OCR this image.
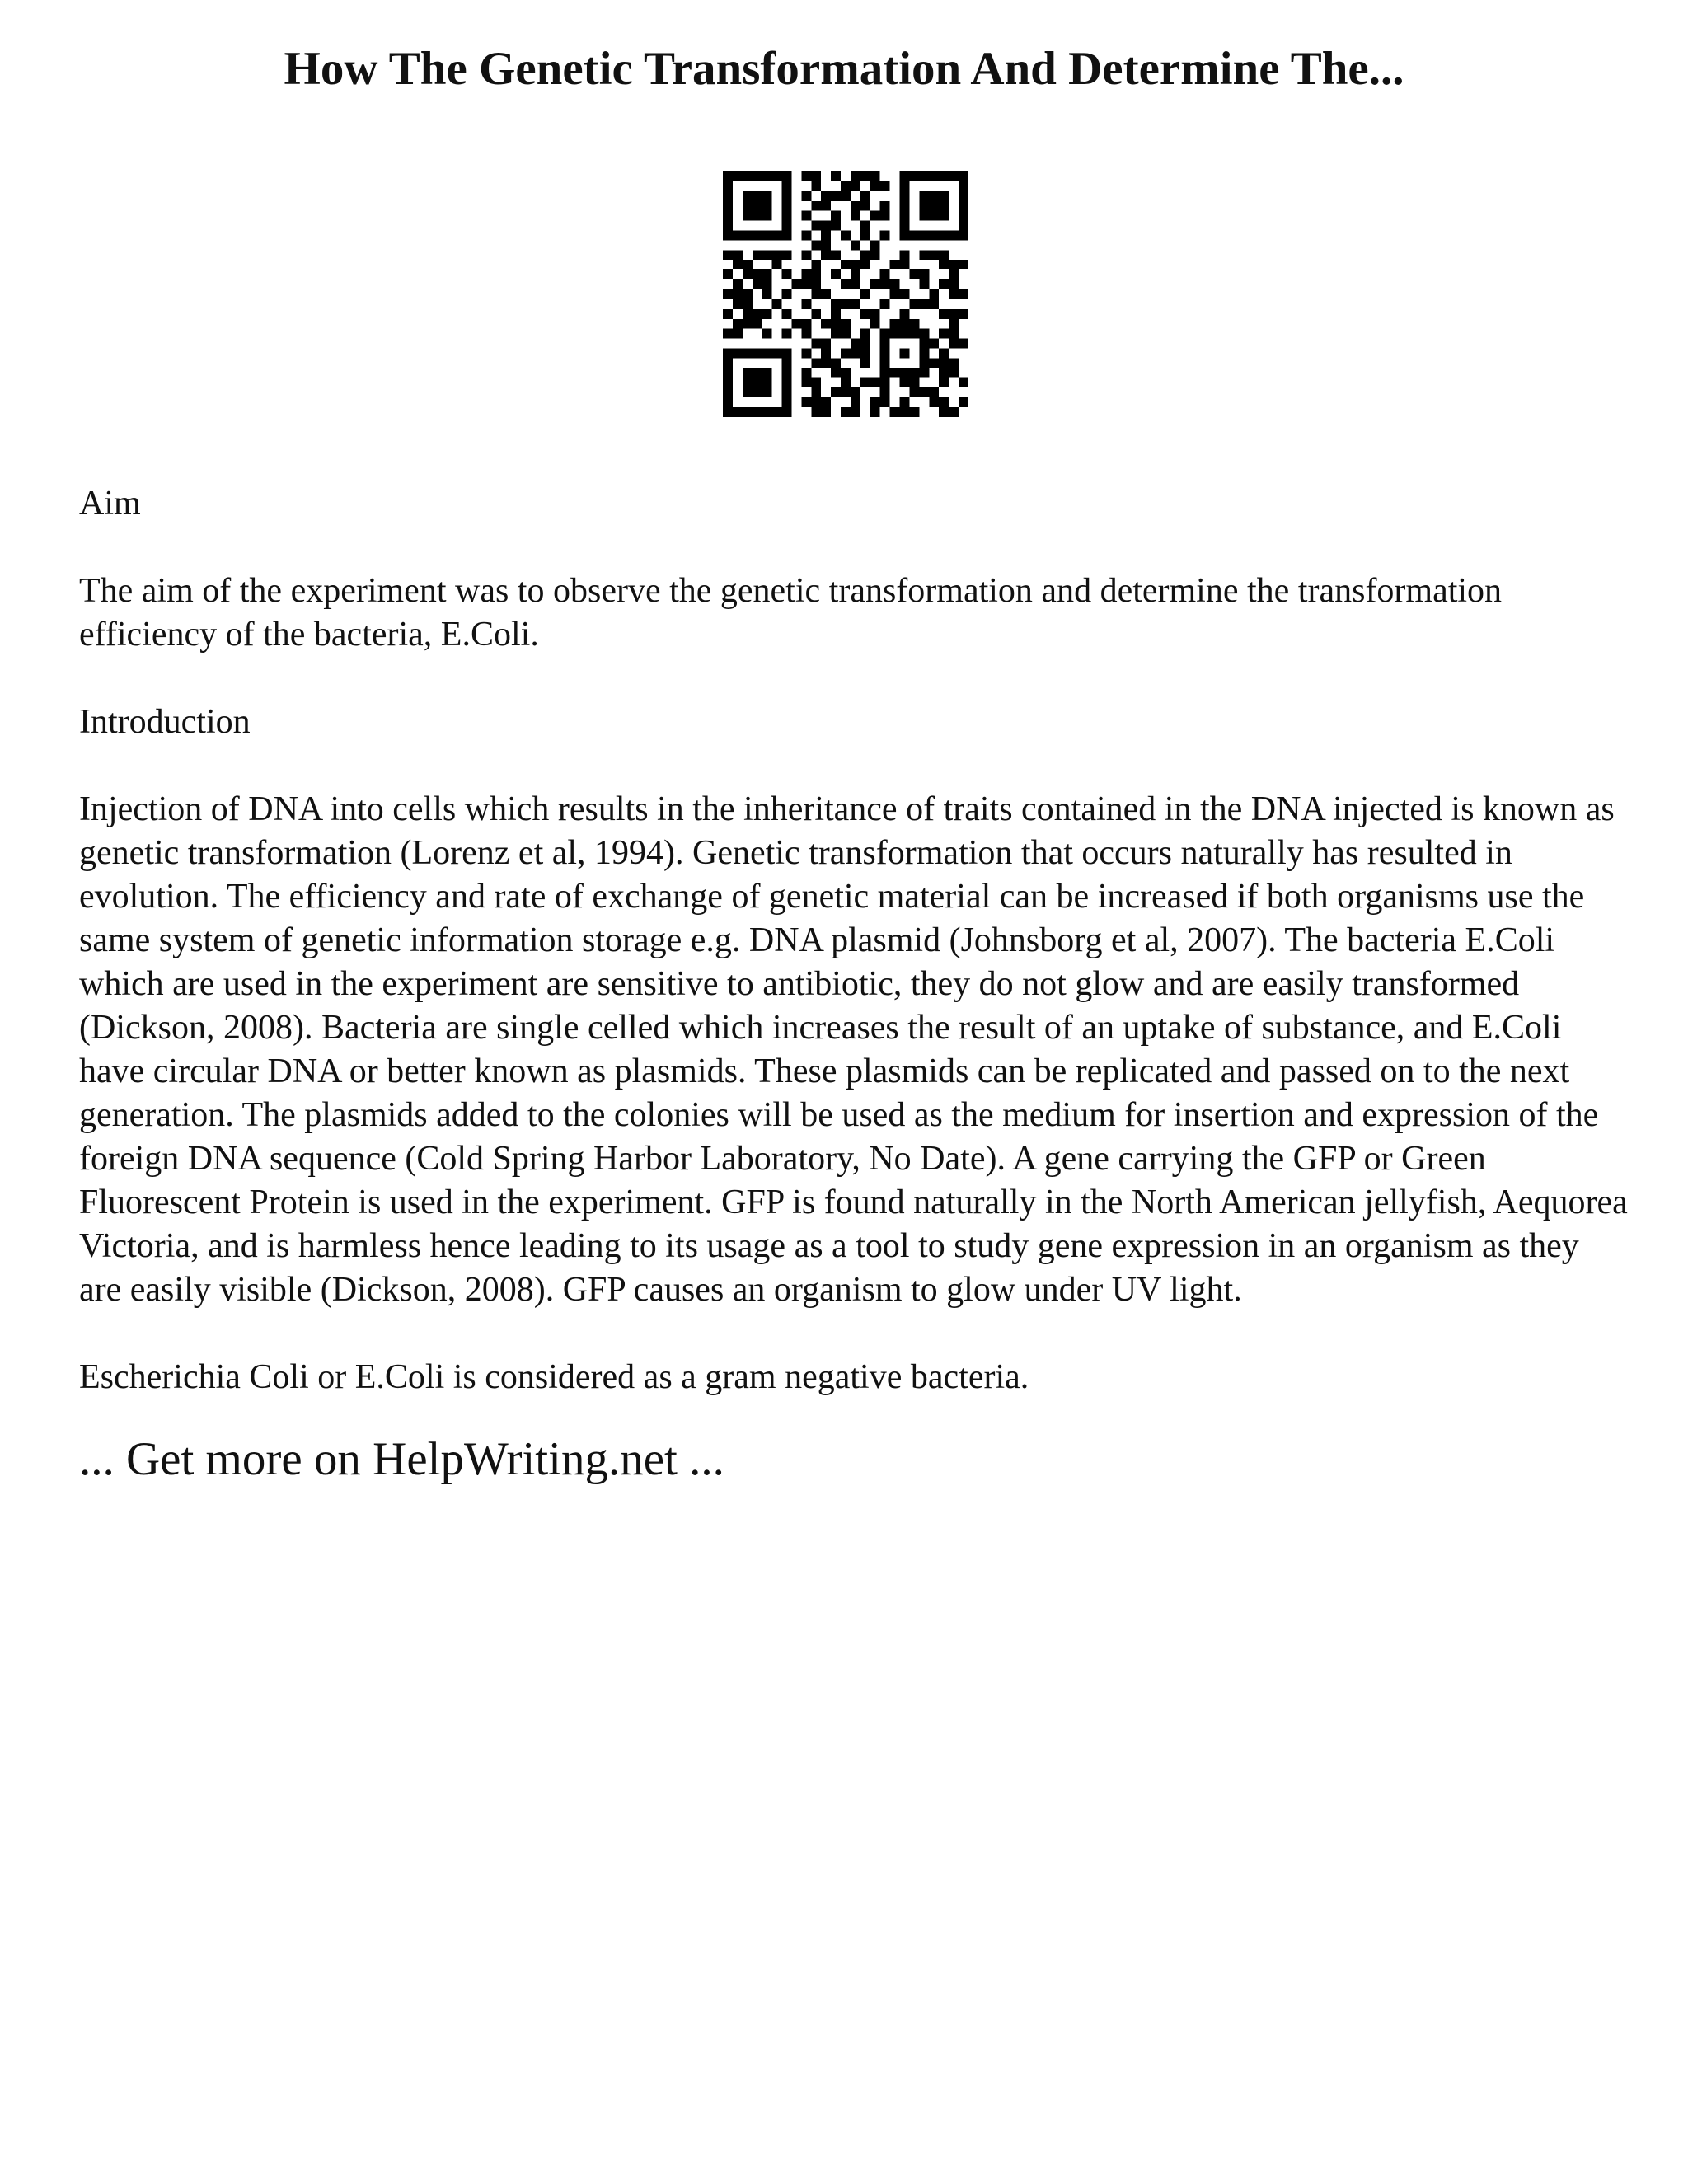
How The Genetic Transformation And Determine The...

Aim

The aim of the experiment was to observe the genetic transformation and determine the transformation efficiency of the bacteria, E.Coli.

Introduction

Injection of DNA into cells which results in the inheritance of traits contained in the DNA injected is known as genetic transformation (Lorenz et al, 1994). Genetic transformation that occurs naturally has resulted in evolution. The efficiency and rate of exchange of genetic material can be increased if both organisms use the same system of genetic information storage e.g. DNA plasmid (Johnsborg et al, 2007). The bacteria E.Coli which are used in the experiment are sensitive to antibiotic, they do not glow and are easily transformed (Dickson, 2008). Bacteria are single celled which increases the result of an uptake of substance, and E.Coli have circular DNA or better known as plasmids. These plasmids can be replicated and passed on to the next generation. The plasmids added to the colonies will be used as the medium for insertion and expression of the foreign DNA sequence (Cold Spring Harbor Laboratory, No Date). A gene carrying the GFP or Green Fluorescent Protein is used in the experiment. GFP is found naturally in the North American jellyfish, Aequorea Victoria, and is harmless hence leading to its usage as a tool to study gene expression in an organism as they are easily visible (Dickson, 2008). GFP causes an organism to glow under UV light.

Escherichia Coli or E.Coli is considered as a gram negative bacteria.

... Get more on HelpWriting.net ...
